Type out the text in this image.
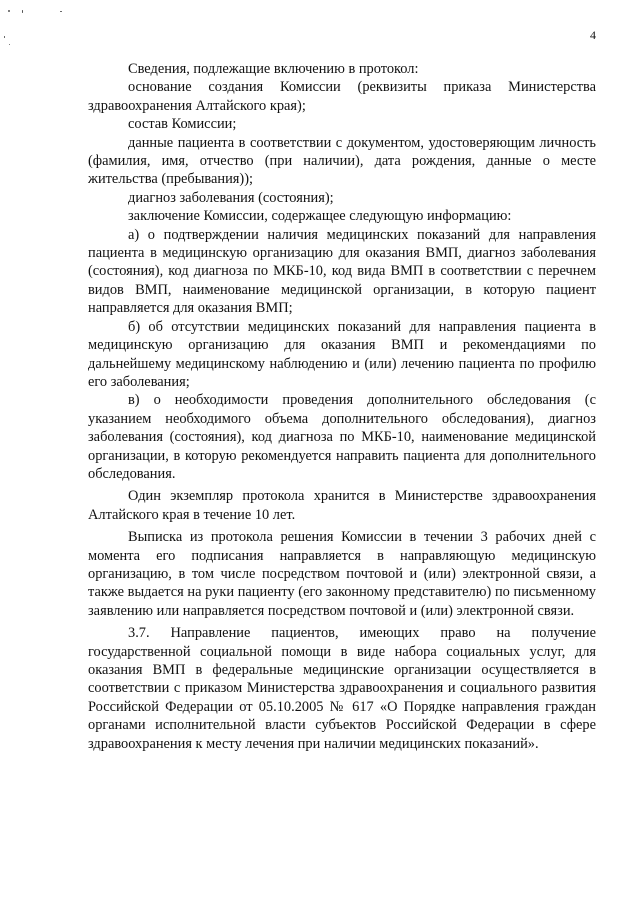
4

Сведения, подлежащие включению в протокол:

основание создания Комиссии (реквизиты приказа Министерства здравоохранения Алтайского края);

состав Комиссии;

данные пациента в соответствии с документом, удостоверяющим личность (фамилия, имя, отчество (при наличии), дата рождения, данные о месте жительства (пребывания));

диагноз заболевания (состояния);

заключение Комиссии, содержащее следующую информацию:

а) о подтверждении наличия медицинских показаний для направления пациента в медицинскую организацию для оказания ВМП, диагноз заболевания (состояния), код диагноза по МКБ-10, код вида ВМП в соответствии с перечнем видов ВМП, наименование медицинской организации, в которую пациент направляется для оказания ВМП;

б) об отсутствии медицинских показаний для направления пациента в медицинскую организацию для оказания ВМП и рекомендациями по дальнейшему медицинскому наблюдению и (или) лечению пациента по профилю его заболевания;

в) о необходимости проведения дополнительного обследования (с указанием необходимого объема дополнительного обследования), диагноз заболевания (состояния), код диагноза по МКБ-10, наименование медицинской организации, в которую рекомендуется направить пациента для дополнительного обследования.

Один экземпляр протокола хранится в Министерстве здравоохранения Алтайского края в течение 10 лет.

Выписка из протокола решения Комиссии в течении 3 рабочих дней с момента его подписания направляется в направляющую медицинскую организацию, в том числе посредством почтовой и (или) электронной связи, а также выдается на руки пациенту (его законному представителю) по письменному заявлению или направляется посредством почтовой и (или) электронной связи.

3.7. Направление пациентов, имеющих право на получение государственной социальной помощи в виде набора социальных услуг, для оказания ВМП в федеральные медицинские организации осуществляется в соответствии с приказом Министерства здравоохранения и социального развития Российской Федерации от 05.10.2005 № 617 «О Порядке направления граждан органами исполнительной власти субъектов Российской Федерации в сфере здравоохранения к месту лечения при наличии медицинских показаний».
